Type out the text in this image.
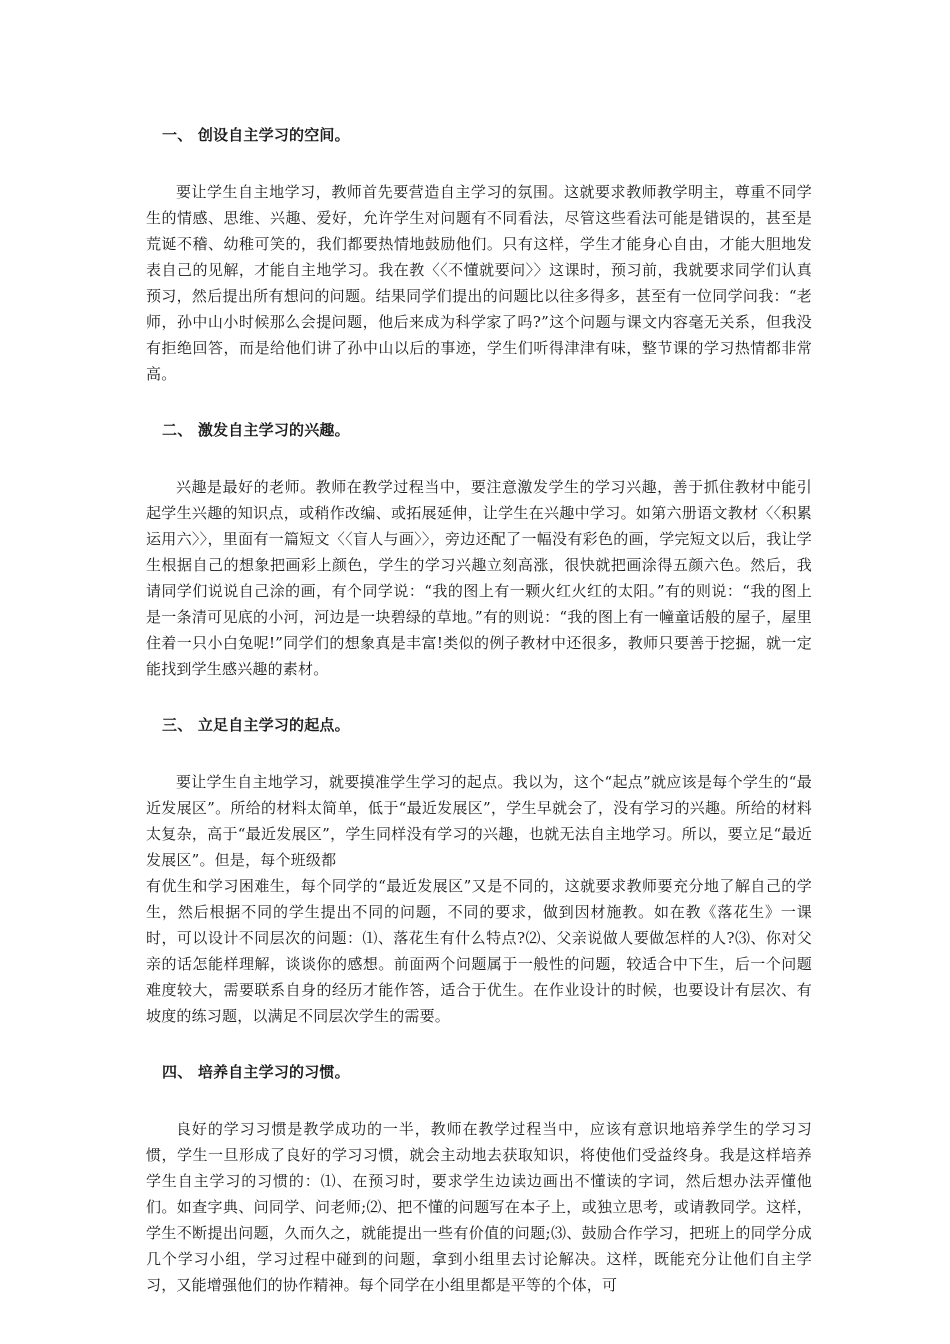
一、 创设自主学习的空间。

要让学生自主地学习，教师首先要营造自主学习的氛围。这就要求教师教学明主，尊重不同学生的情感、思维、兴趣、爱好，允许学生对问题有不同看法，尽管这些看法可能是错误的，甚至是荒诞不稽、幼稚可笑的，我们都要热情地鼓励他们。只有这样，学生才能身心自由，才能大胆地发表自己的见解，才能自主地学习。我在教〈〈不懂就要问〉〉这课时，预习前，我就要求同学们认真预习，然后提出所有想问的问题。结果同学们提出的问题比以往多得多，甚至有一位同学问我：“老师，孙中山小时候那么会提问题，他后来成为科学家了吗?”这个问题与课文内容毫无关系，但我没有拒绝回答，而是给他们讲了孙中山以后的事迹，学生们听得津津有味，整节课的学习热情都非常高。

二、 激发自主学习的兴趣。

兴趣是最好的老师。教师在教学过程当中，要注意激发学生的学习兴趣，善于抓住教材中能引起学生兴趣的知识点，或稍作改编、或拓展延伸，让学生在兴趣中学习。如第六册语文教材〈〈积累运用六〉〉，里面有一篇短文〈〈盲人与画〉〉，旁边还配了一幅没有彩色的画，学完短文以后，我让学生根据自己的想象把画彩上颜色，学生的学习兴趣立刻高涨，很快就把画涂得五颜六色。然后，我请同学们说说自己涂的画，有个同学说：“我的图上有一颗火红火红的太阳。”有的则说：“我的图上是一条清可见底的小河，河边是一块碧绿的草地。”有的则说：“我的图上有一幢童话般的屋子，屋里住着一只小白兔呢!”同学们的想象真是丰富!类似的例子教材中还很多，教师只要善于挖掘，就一定能找到学生感兴趣的素材。

三、 立足自主学习的起点。

要让学生自主地学习，就要摸准学生学习的起点。我以为，这个“起点”就应该是每个学生的“最近发展区”。所给的材料太简单，低于“最近发展区”，学生早就会了，没有学习的兴趣。所给的材料太复杂，高于“最近发展区”，学生同样没有学习的兴趣，也就无法自主地学习。所以，要立足“最近发展区”。但是，每个班级都

有优生和学习困难生，每个同学的“最近发展区”又是不同的，这就要求教师要充分地了解自己的学生，然后根据不同的学生提出不同的问题，不同的要求，做到因材施教。如在教《落花生》一课时，可以设计不同层次的问题：⑴、落花生有什么特点?⑵、父亲说做人要做怎样的人?⑶、你对父亲的话怎能样理解，谈谈你的感想。前面两个问题属于一般性的问题，较适合中下生，后一个问题难度较大，需要联系自身的经历才能作答，适合于优生。在作业设计的时候，也要设计有层次、有坡度的练习题，以满足不同层次学生的需要。

四、 培养自主学习的习惯。

良好的学习习惯是教学成功的一半，教师在教学过程当中，应该有意识地培养学生的学习习惯，学生一旦形成了良好的学习习惯，就会主动地去获取知识，将使他们受益终身。我是这样培养学生自主学习的习惯的：⑴、在预习时，要求学生边读边画出不懂读的字词，然后想办法弄懂他们。如查字典、问同学、问老师;⑵、把不懂的问题写在本子上，或独立思考，或请教同学。这样，学生不断提出问题，久而久之，就能提出一些有价值的问题;⑶、鼓励合作学习，把班上的同学分成几个学习小组，学习过程中碰到的问题，拿到小组里去讨论解决。这样，既能充分让他们自主学习，又能增强他们的协作精神。每个同学在小组里都是平等的个体，可
